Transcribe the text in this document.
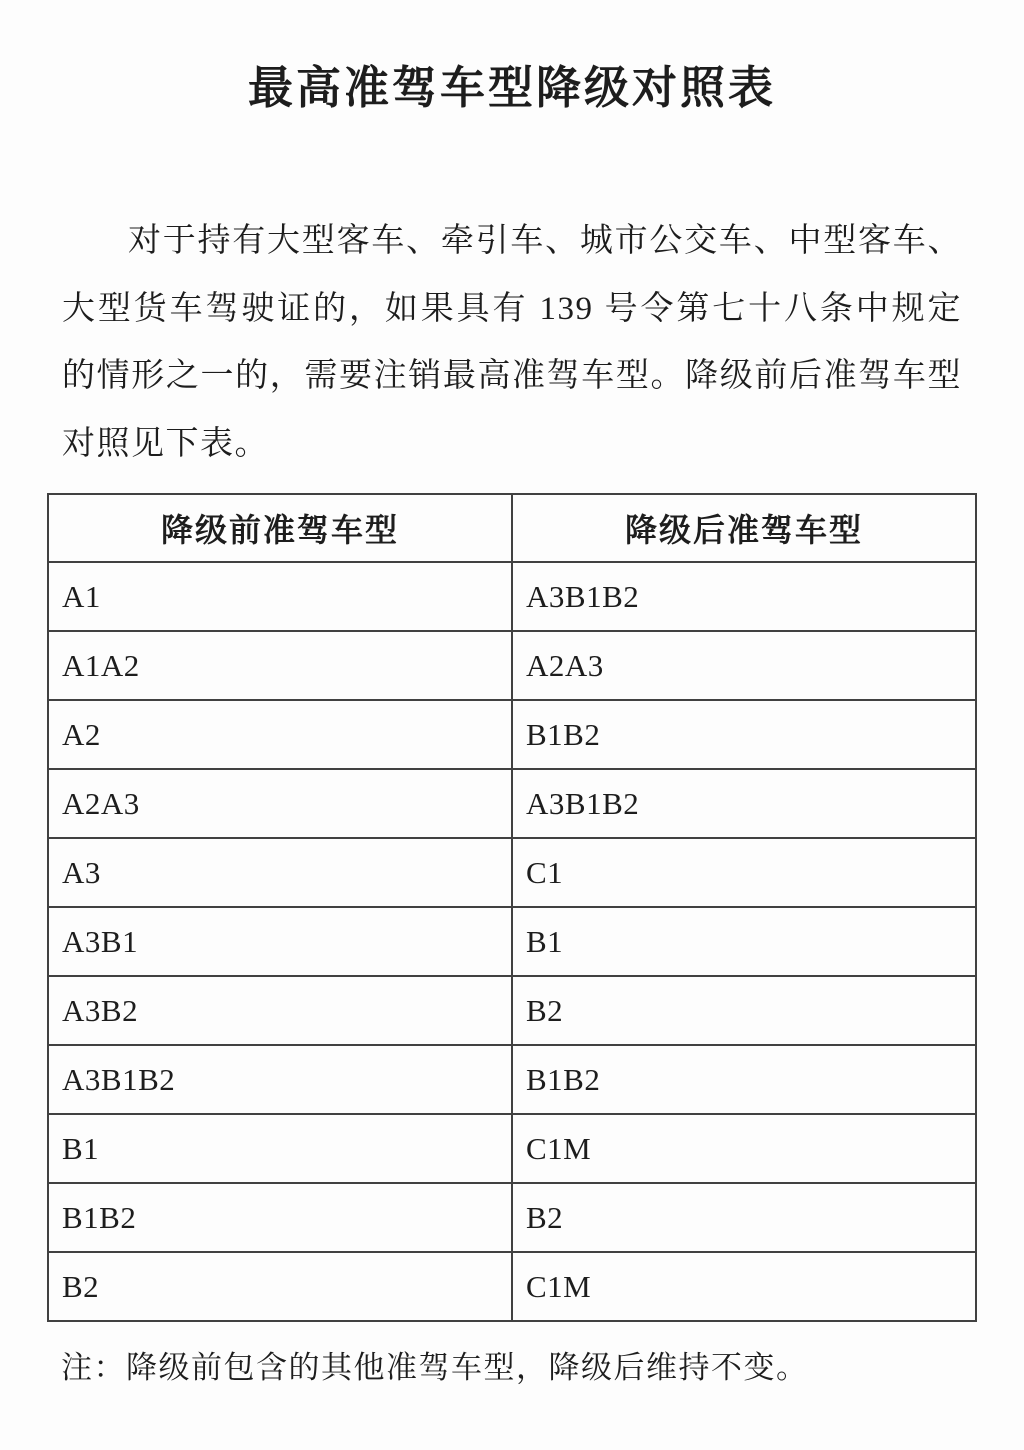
最高准驾车型降级对照表

对于持有大型客车、牵引车、城市公交车、中型客车、大型货车驾驶证的，如果具有 139 号令第七十八条中规定的情形之一的，需要注销最高准驾车型。降级前后准驾车型对照见下表。

降级前准驾车型	降级后准驾车型
A1	A3B1B2
A1A2	A2A3
A2	B1B2
A2A3	A3B1B2
A3	C1
A3B1	B1
A3B2	B2
A3B1B2	B1B2
B1	C1M
B1B2	B2
B2	C1M

注：降级前包含的其他准驾车型，降级后维持不变。
